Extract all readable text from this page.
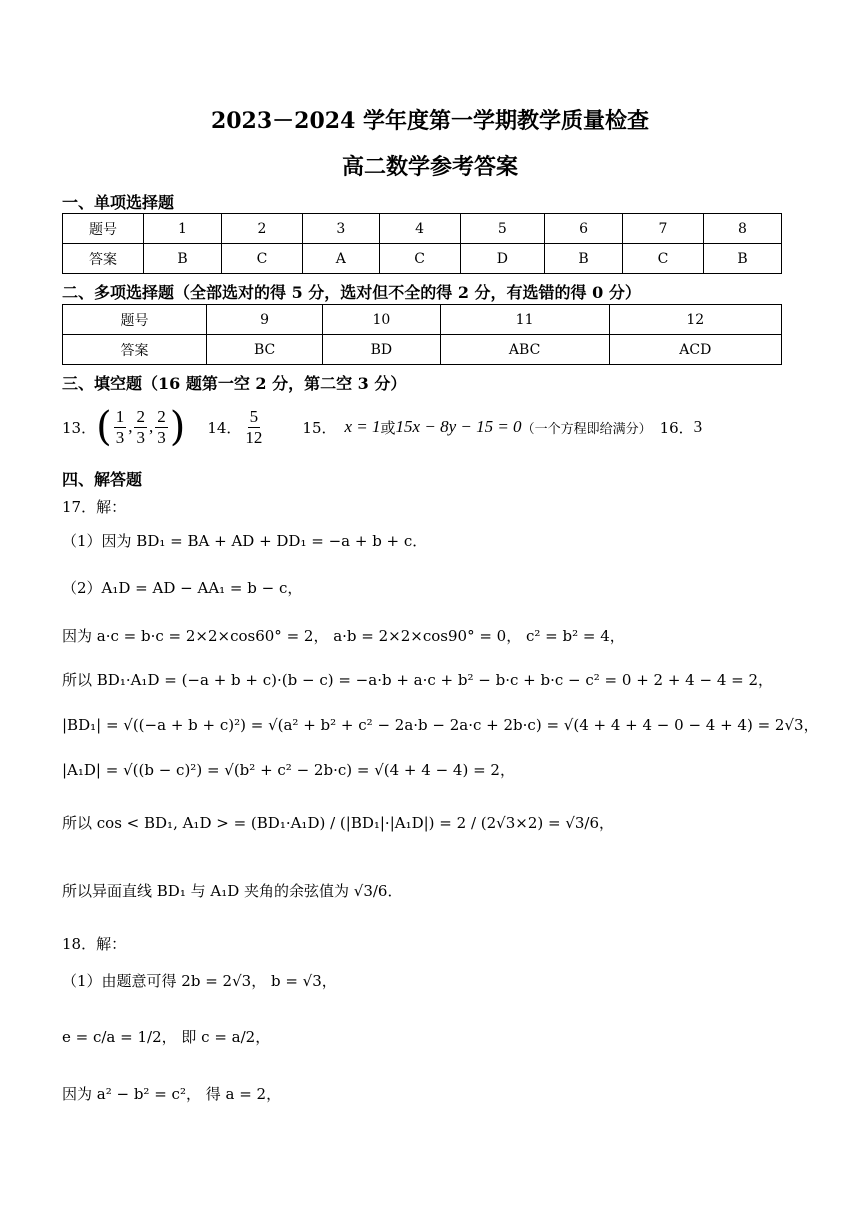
2023－2024 学年度第一学期教学质量检查
高二数学参考答案
一、单项选择题
题号	1	2	3	4	5	6	7	8
答案	B	C	A	C	D	B	C	B
二、多项选择题（全部选对的得 5 分，选对但不全的得 2 分，有选错的得 0 分）
题号	9	10	11	12
答案	BC	BD	ABC	ACD
三、填空题（16 题第一空 2 分，第二空 3 分）
13． ( $\frac{1}{3}$ , $\frac{2}{3}$ , $\frac{2}{3}$ ) 14． $\frac{5}{12}$	15． x = 1 或 15x − 8y − 15 = 0 （一个方程即给满分） 16． 3
四、解答题
17．解：
（1）因为 BD₁ = BA + AD + DD₁ = −a + b + c．
（2）A₁D = AD − AA₁ = b − c，
因为 a·c = b·c = 2×2×cos60° = 2， a·b = 2×2×cos90° = 0， c² = b² = 4，
所以 BD₁·A₁D = (−a + b + c)·(b − c) = −a·b + a·c + b² − b·c + b·c − c² = 0 + 2 + 4 − 4 = 2，
|BD₁| = √((−a + b + c)²) = √(a² + b² + c² − 2a·b − 2a·c + 2b·c) = √(4 + 4 + 4 − 0 − 4 + 4) = 2√3，
|A₁D| = √((b − c)²) = √(b² + c² − 2b·c) = √(4 + 4 − 4) = 2，
所以 cos < BD₁, A₁D > = (BD₁·A₁D) / (|BD₁|·|A₁D|) = 2 / (2√3×2) = √3/6，
所以异面直线 BD₁ 与 A₁D 夹角的余弦值为 √3/6．
18．解：
（1）由题意可得 2b = 2√3， b = √3，
e = c/a = 1/2， 即 c = a/2，
因为 a² − b² = c²， 得 a = 2，
